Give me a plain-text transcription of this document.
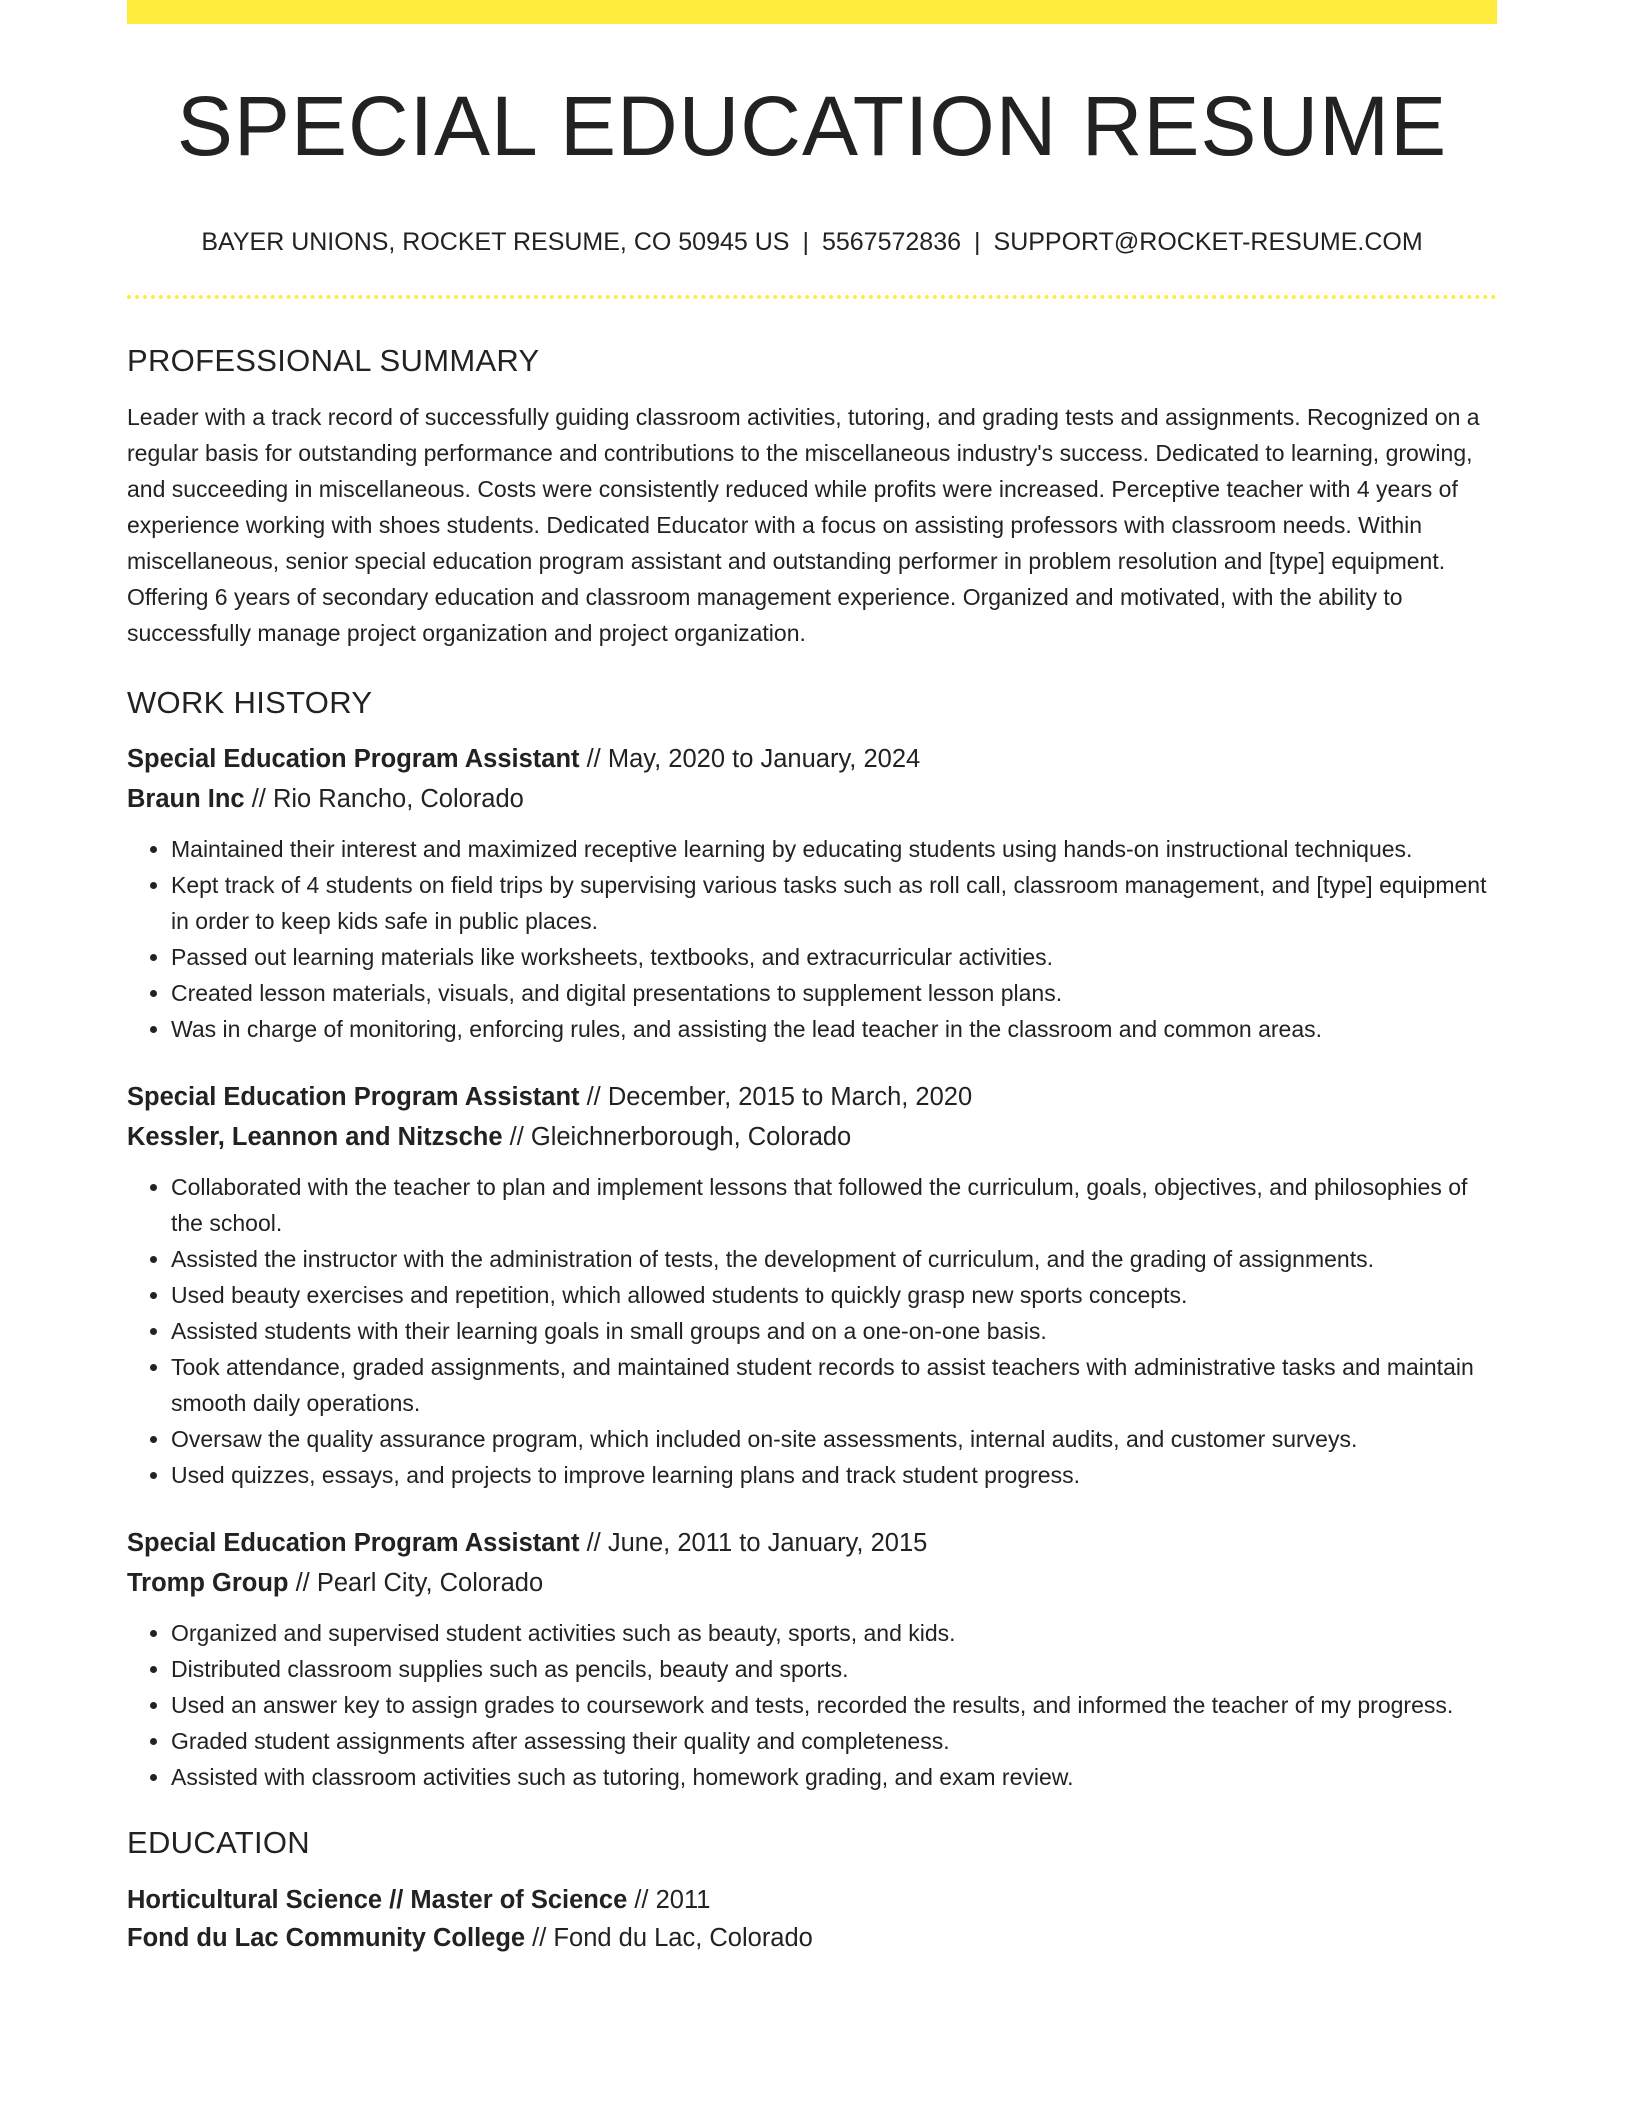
SPECIAL EDUCATION RESUME
BAYER UNIONS, ROCKET RESUME, CO 50945 US | 5567572836 | SUPPORT@ROCKET-RESUME.COM
PROFESSIONAL SUMMARY

Leader with a track record of successfully guiding classroom activities, tutoring, and grading tests and assignments. Recognized on a regular basis for outstanding performance and contributions to the miscellaneous industry's success. Dedicated to learning, growing, and succeeding in miscellaneous. Costs were consistently reduced while profits were increased. Perceptive teacher with 4 years of experience working with shoes students. Dedicated Educator with a focus on assisting professors with classroom needs. Within miscellaneous, senior special education program assistant and outstanding performer in problem resolution and [type] equipment. Offering 6 years of secondary education and classroom management experience. Organized and motivated, with the ability to successfully manage project organization and project organization.

WORK HISTORY
Special Education Program Assistant // May, 2020 to January, 2024
Braun Inc // Rio Rancho, Colorado
• Maintained their interest and maximized receptive learning by educating students using hands-on instructional techniques.
• Kept track of 4 students on field trips by supervising various tasks such as roll call, classroom management, and [type] equipment in order to keep kids safe in public places.
• Passed out learning materials like worksheets, textbooks, and extracurricular activities.
• Created lesson materials, visuals, and digital presentations to supplement lesson plans.
• Was in charge of monitoring, enforcing rules, and assisting the lead teacher in the classroom and common areas.
Special Education Program Assistant // December, 2015 to March, 2020
Kessler, Leannon and Nitzsche // Gleichnerborough, Colorado
• Collaborated with the teacher to plan and implement lessons that followed the curriculum, goals, objectives, and philosophies of the school.
• Assisted the instructor with the administration of tests, the development of curriculum, and the grading of assignments.
• Used beauty exercises and repetition, which allowed students to quickly grasp new sports concepts.
• Assisted students with their learning goals in small groups and on a one-on-one basis.
• Took attendance, graded assignments, and maintained student records to assist teachers with administrative tasks and maintain smooth daily operations.
• Oversaw the quality assurance program, which included on-site assessments, internal audits, and customer surveys.
• Used quizzes, essays, and projects to improve learning plans and track student progress.
Special Education Program Assistant // June, 2011 to January, 2015
Tromp Group // Pearl City, Colorado
• Organized and supervised student activities such as beauty, sports, and kids.
• Distributed classroom supplies such as pencils, beauty and sports.
• Used an answer key to assign grades to coursework and tests, recorded the results, and informed the teacher of my progress.
• Graded student assignments after assessing their quality and completeness.
• Assisted with classroom activities such as tutoring, homework grading, and exam review.
EDUCATION
Horticultural Science // Master of Science // 2011
Fond du Lac Community College // Fond du Lac, Colorado
